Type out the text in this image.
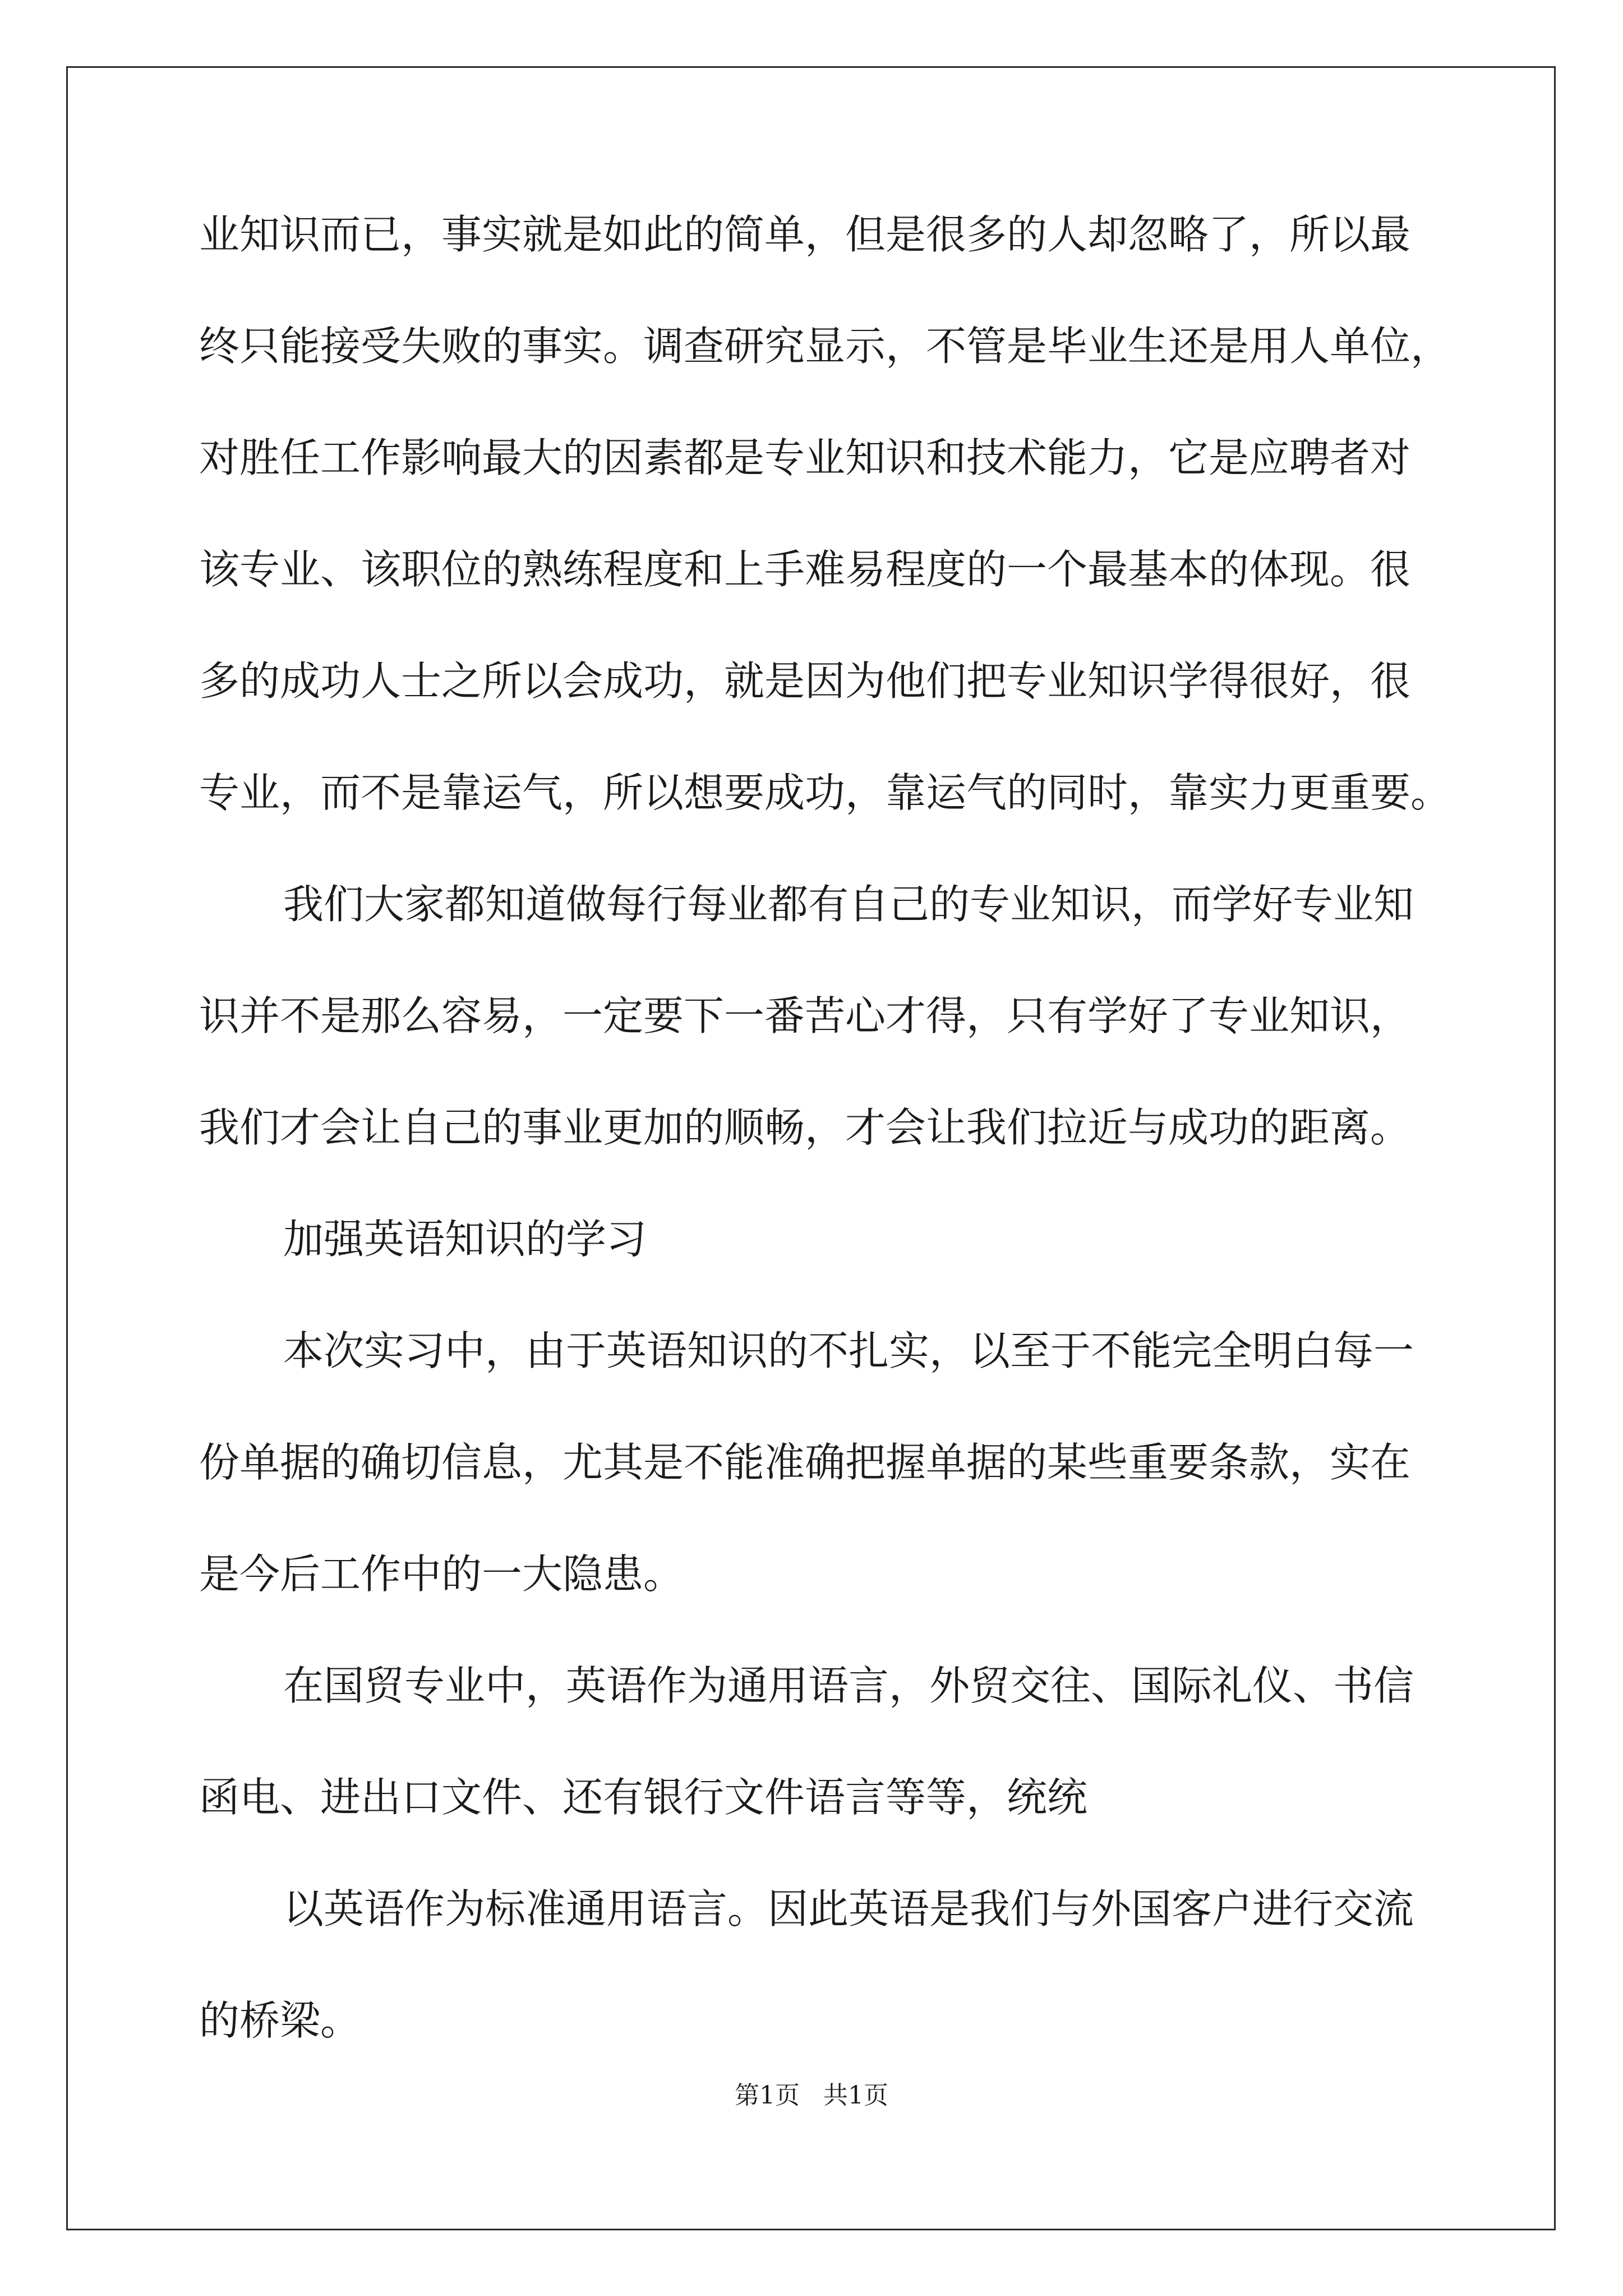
业知识而已，事实就是如此的简单，但是很多的人却忽略了，所以最
终只能接受失败的事实。调查研究显示，不管是毕业生还是用人单位，
对胜任工作影响最大的因素都是专业知识和技术能力，它是应聘者对
该专业、该职位的熟练程度和上手难易程度的一个最基本的体现。很
多的成功人士之所以会成功，就是因为他们把专业知识学得很好，很
专业，而不是靠运气，所以想要成功，靠运气的同时，靠实力更重要。
我们大家都知道做每行每业都有自己的专业知识，而学好专业知
识并不是那么容易，一定要下一番苦心才得，只有学好了专业知识，
我们才会让自己的事业更加的顺畅，才会让我们拉近与成功的距离。
加强英语知识的学习
本次实习中，由于英语知识的不扎实，以至于不能完全明白每一
份单据的确切信息，尤其是不能准确把握单据的某些重要条款，实在
是今后工作中的一大隐患。
在国贸专业中，英语作为通用语言，外贸交往、国际礼仪、书信
函电、进出口文件、还有银行文件语言等等，统统
以英语作为标准通用语言。因此英语是我们与外国客户进行交流
的桥梁。
第1页   共1页
